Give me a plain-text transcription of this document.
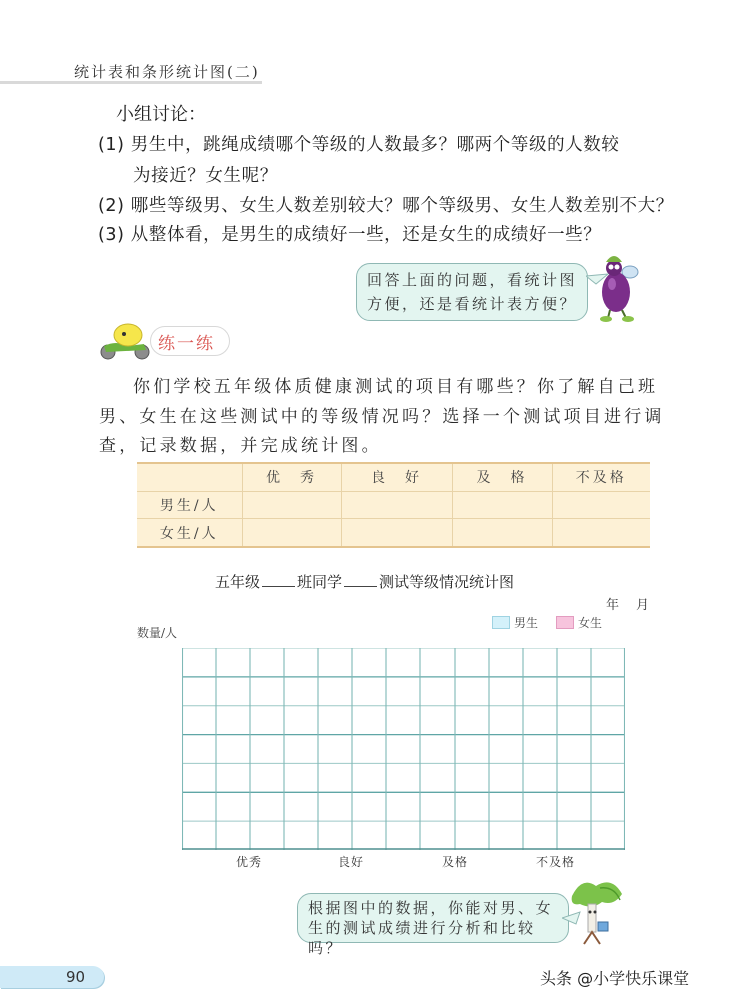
统计表和条形统计图(二)
小组讨论：
(1) 男生中，跳绳成绩哪个等级的人数最多？哪两个等级的人数较
为接近？女生呢？
(2) 哪些等级男、女生人数差别较大？哪个等级男、女生人数差别不大？
(3) 从整体看，是男生的成绩好一些，还是女生的成绩好一些？
回答上面的问题，看统计图
方便，还是看统计表方便？
练一练
你们学校五年级体质健康测试的项目有哪些？你了解自己班
男、女生在这些测试中的等级情况吗？选择一个测试项目进行调
查，记录数据，并完成统计图。
	优　秀	良　好	及　格	不及格
男生/人				
女生/人				
五年级 班同学 测试等级情况统计图
年　月
男生	女生
数量/人
优秀	良好	及格	不及格
根据图中的数据，你能对男、女
生的测试成绩进行分析和比较吗？
90	头条 @小学快乐课堂
